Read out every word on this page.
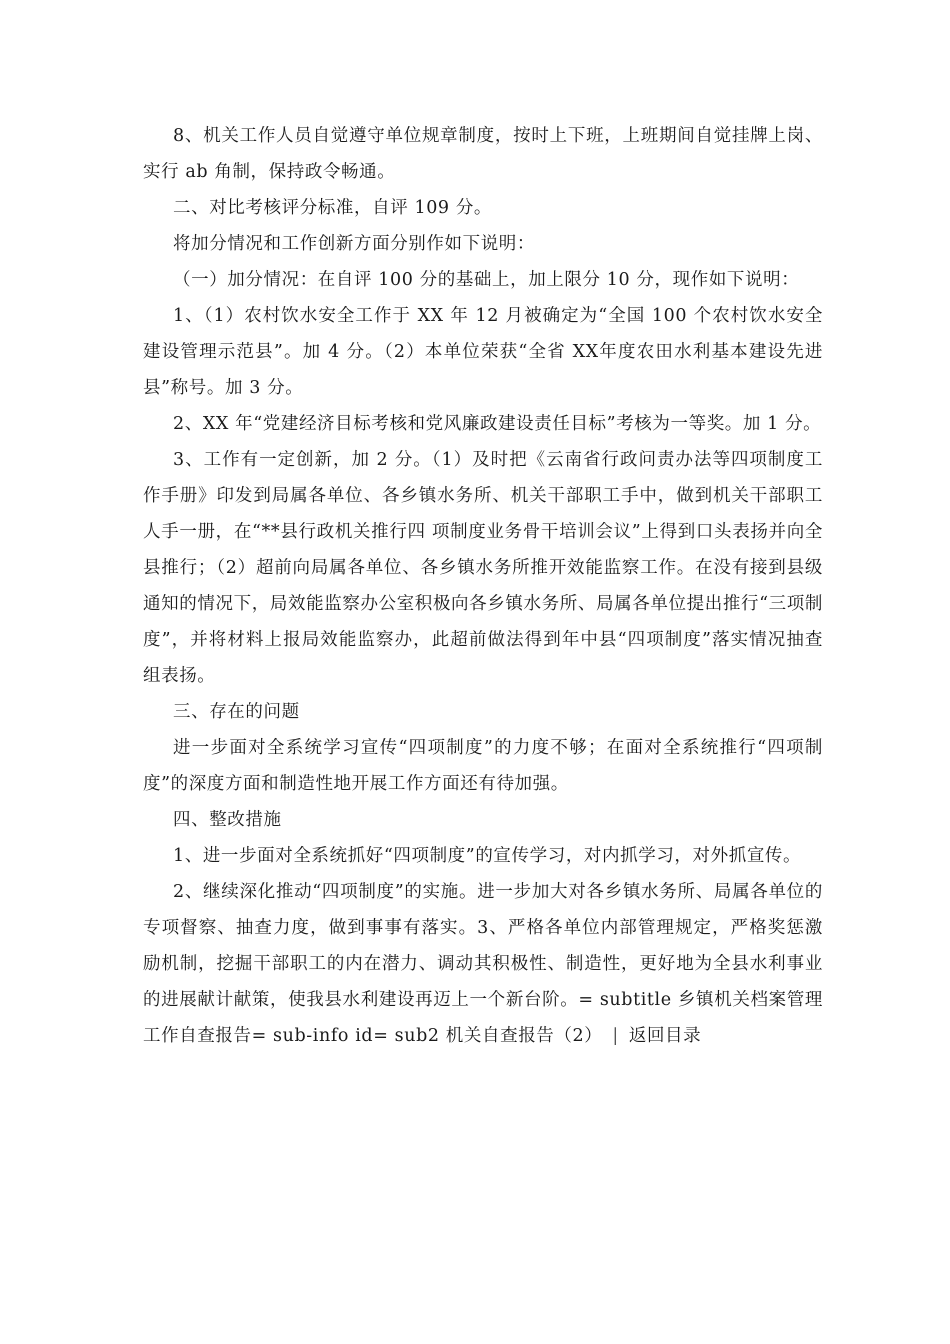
8、机关工作人员自觉遵守单位规章制度，按时上下班，上班期间自觉挂牌上岗、实行 ab 角制，保持政令畅通。

二、对比考核评分标准，自评 109 分。

将加分情况和工作创新方面分别作如下说明：

（一）加分情况：在自评 100 分的基础上，加上限分 10 分，现作如下说明：

1、（1）农村饮水安全工作于 XX 年 12 月被确定为“全国 100 个农村饮水安全建设管理示范县”。加 4 分。（2）本单位荣获“全省 XX年度农田水利基本建设先进县”称号。加 3 分。

2、XX 年“党建经济目标考核和党风廉政建设责任目标”考核为一等奖。加 1 分。

3、工作有一定创新，加 2 分。（1）及时把《云南省行政问责办法等四项制度工作手册》印发到局属各单位、各乡镇水务所、机关干部职工手中，做到机关干部职工人手一册，在“**县行政机关推行四 项制度业务骨干培训会议”上得到口头表扬并向全县推行；（2）超前向局属各单位、各乡镇水务所推开效能监察工作。在没有接到县级通知的情况下，局效能监察办公室积极向各乡镇水务所、局属各单位提出推行“三项制度”，并将材料上报局效能监察办，此超前做法得到年中县“四项制度”落实情况抽查组表扬。

三、存在的问题

进一步面对全系统学习宣传“四项制度”的力度不够；在面对全系统推行“四项制度”的深度方面和制造性地开展工作方面还有待加强。

四、整改措施

1、进一步面对全系统抓好“四项制度”的宣传学习，对内抓学习，对外抓宣传。

2、继续深化推动“四项制度”的实施。进一步加大对各乡镇水务所、局属各单位的专项督察、抽查力度，做到事事有落实。3、严格各单位内部管理规定，严格奖惩激励机制，挖掘干部职工的内在潜力、调动其积极性、制造性，更好地为全县水利事业的进展献计献策，使我县水利建设再迈上一个新台阶。= subtitle 乡镇机关档案管理工作自查报告= sub-info id= sub2 机关自查报告（2） | 返回目录
